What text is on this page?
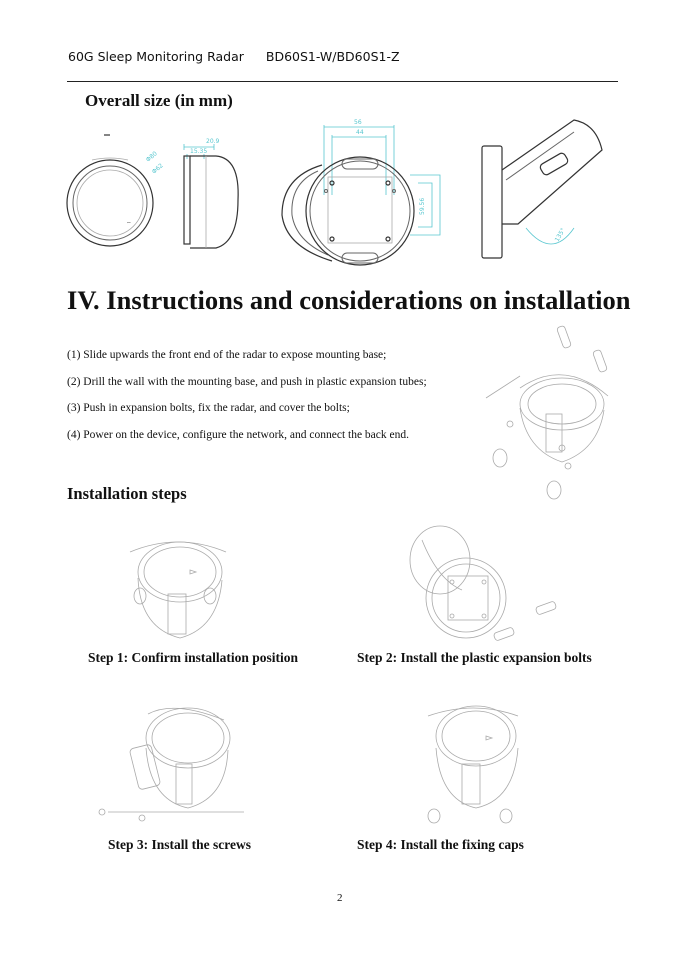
60G Sleep Monitoring Radar BD60S1-W/BD60S1-Z
Overall size (in mm)
⌔
Φ80
Φ62
20.9
15.35
56
44
59.56
135°
IV. Instructions and considerations on installation
(1) Slide upwards the front end of the radar to expose mounting base;
(2) Drill the wall with the mounting base, and push in plastic expansion tubes;
(3) Push in expansion bolts, fix the radar, and cover the bolts;
(4) Power on the device, configure the network, and connect the back end.
Installation steps
Step 1: Confirm installation position	Step 2: Install the plastic expansion bolts
Step 3: Install the screws	Step 4: Install the fixing caps
2
